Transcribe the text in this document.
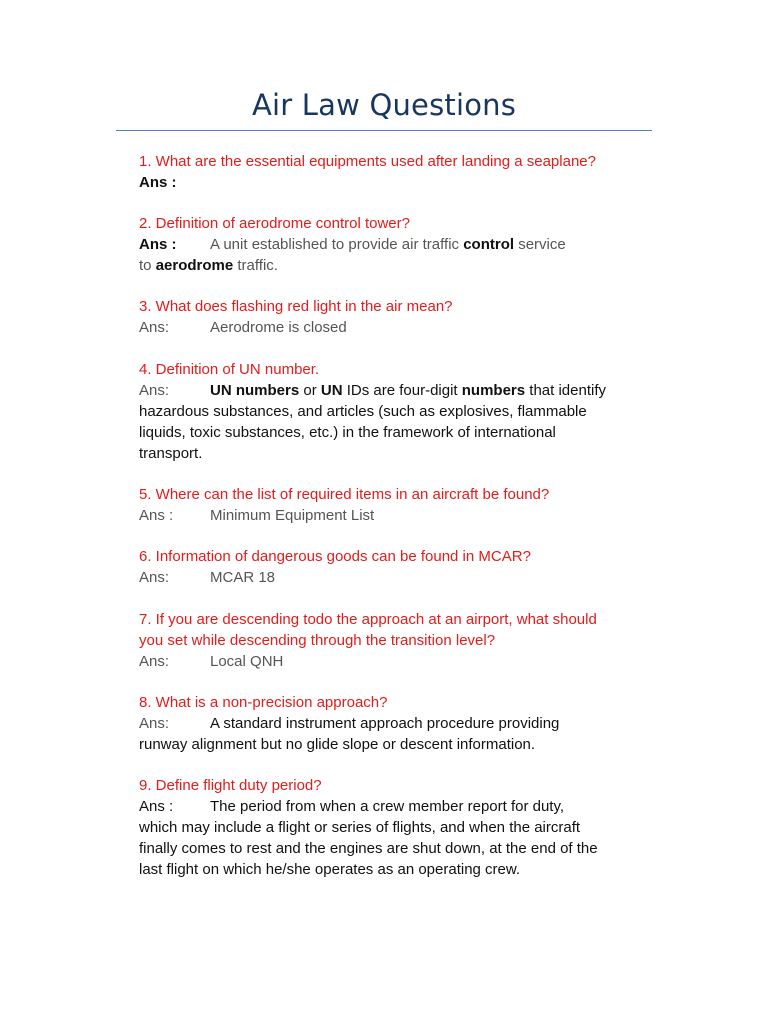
Air Law Questions
1. What are the essential equipments used after landing a seaplane?
Ans :
2. Definition of aerodrome control tower?
Ans : A unit established to provide air traffic control service
to aerodrome traffic.
3. What does flashing red light in the air mean?
Ans:	Aerodrome is closed
4. Definition of UN number.
Ans:	UN numbers or UN IDs are four-digit numbers that identify
hazardous substances, and articles (such as explosives, flammable
liquids, toxic substances, etc.) in the framework of international
transport.
5. Where can the list of required items in an aircraft be found?
Ans : Minimum Equipment List
6. Information of dangerous goods can be found in MCAR?
Ans:	MCAR 18
7. If you are descending todo the approach at an airport, what should
you set while descending through the transition level?
Ans:	Local QNH
8. What is a non-precision approach?
Ans:	A standard instrument approach procedure providing
runway alignment but no glide slope or descent information.
9. Define flight duty period?
Ans : The period from when a crew member report for duty,
which may include a flight or series of flights, and when the aircraft
finally comes to rest and the engines are shut down, at the end of the
last flight on which he/she operates as an operating crew.
